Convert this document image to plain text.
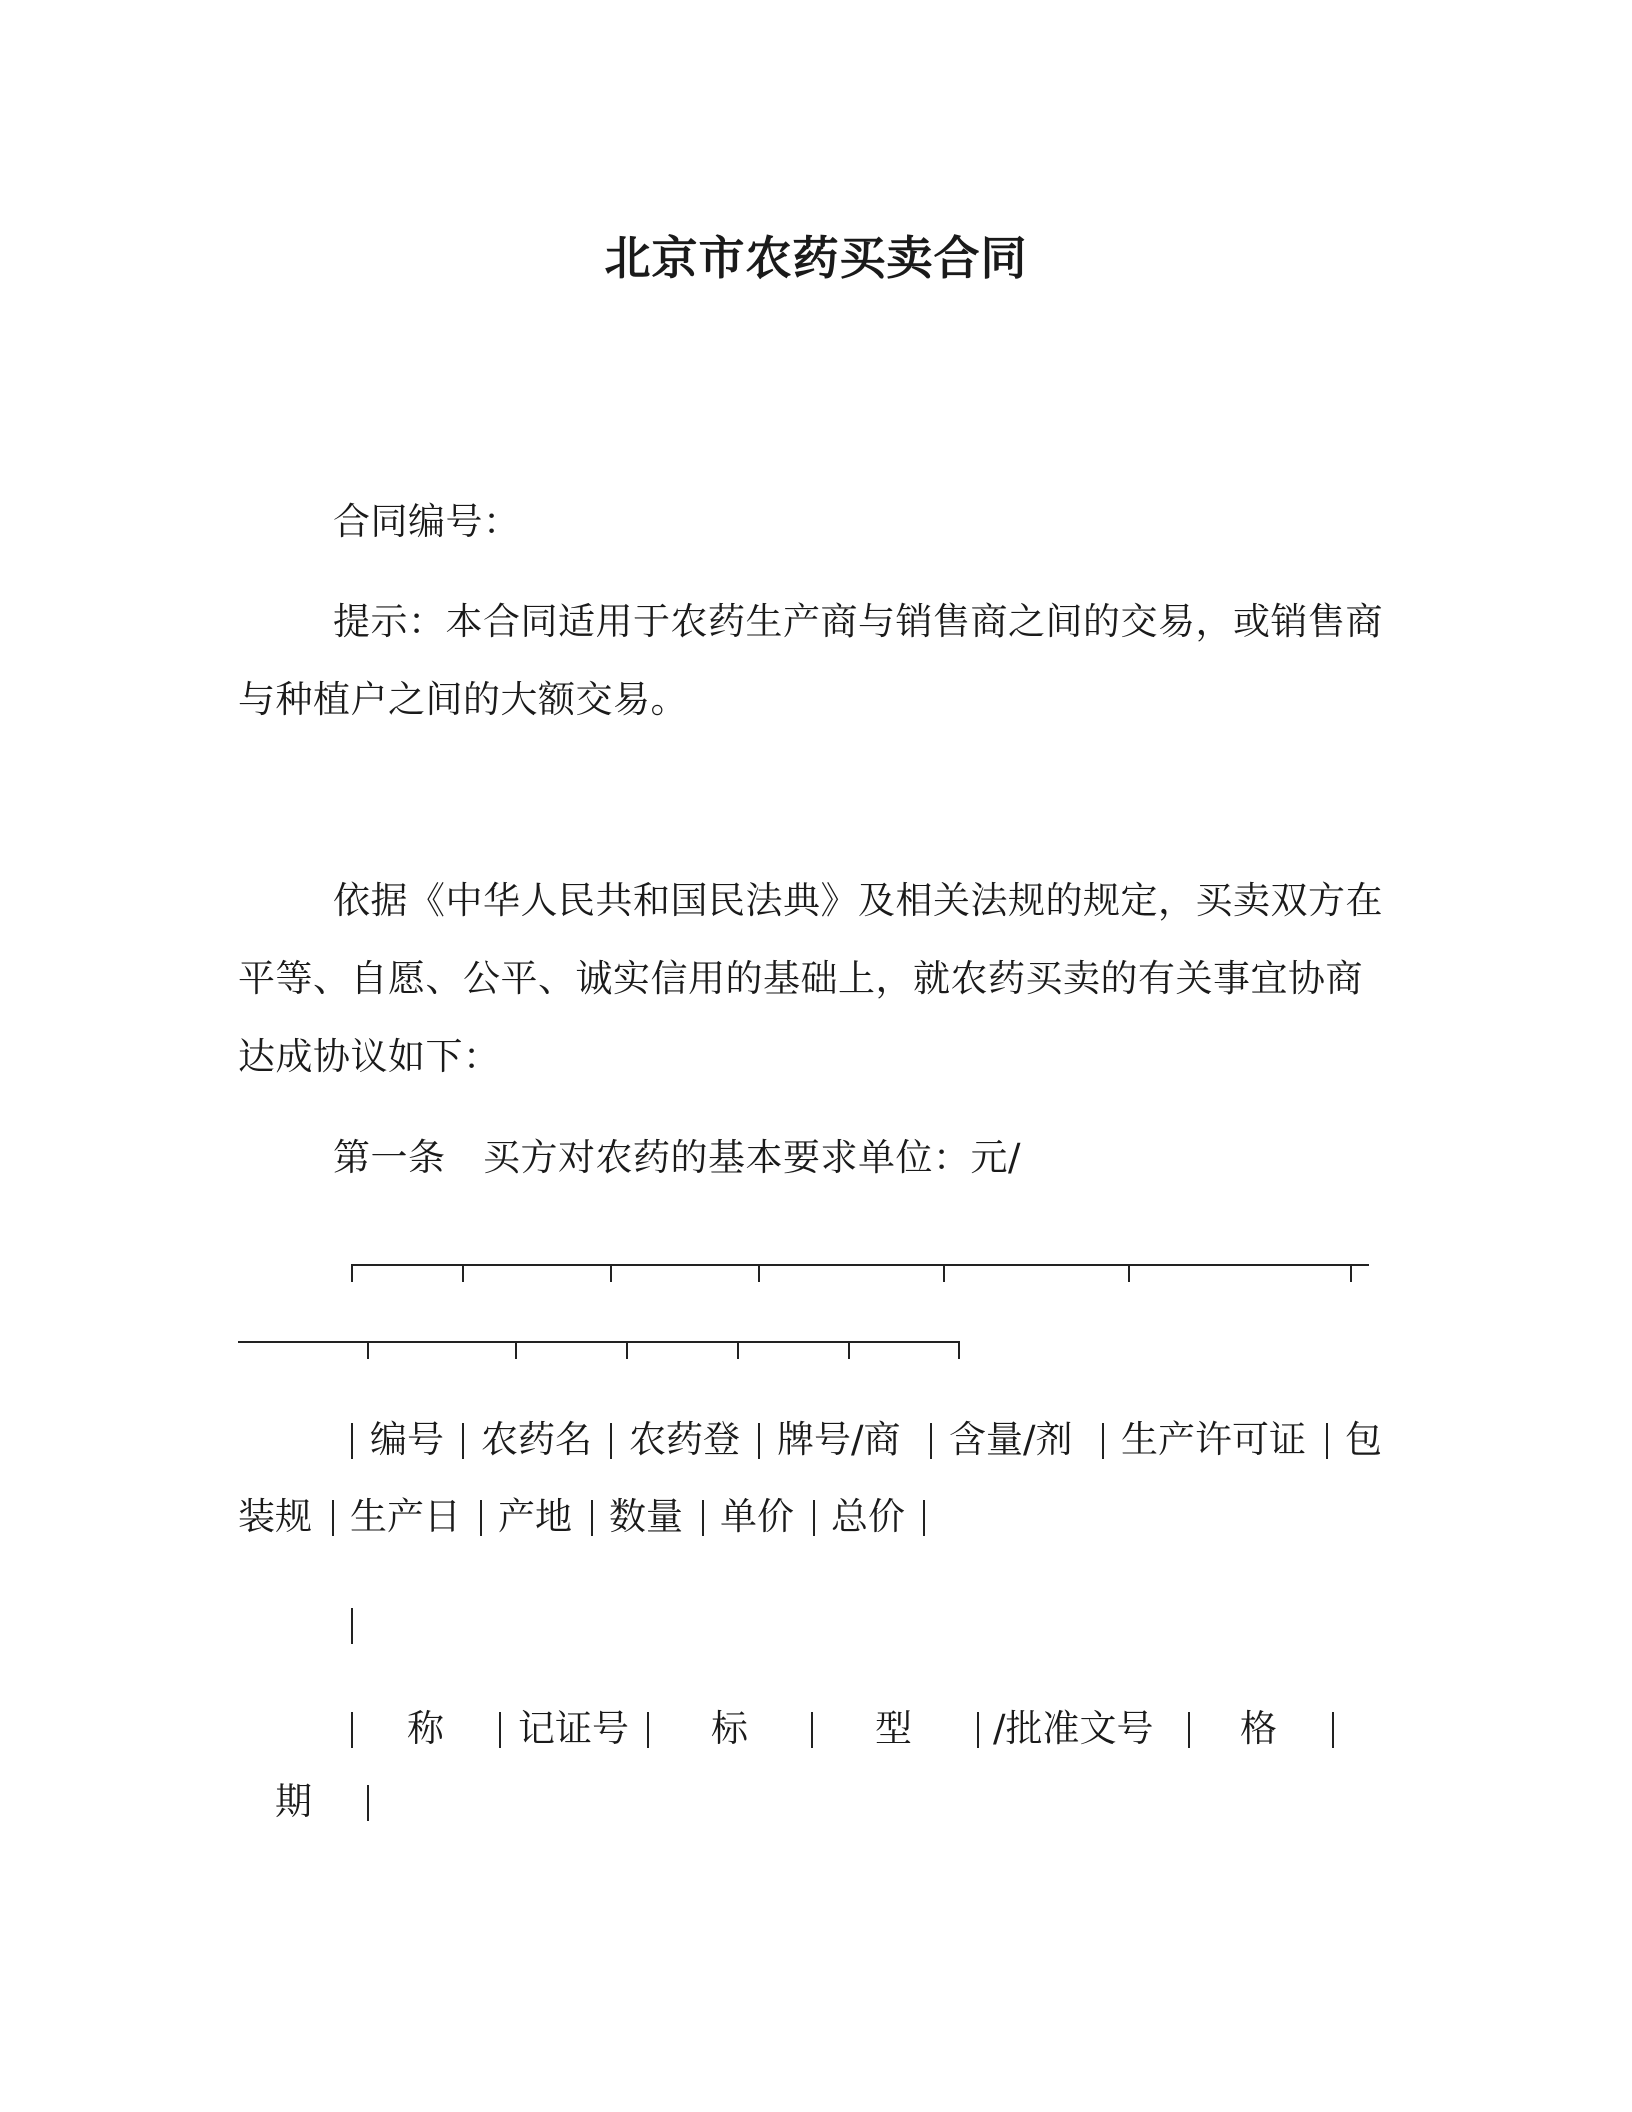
北京市农药买卖合同
合同编号：
提示：本合同适用于农药生产商与销售商之间的交易，或销售商
与种植户之间的大额交易。
依据《中华人民共和国民法典》及相关法规的规定，买卖双方在
平等、自愿、公平、诚实信用的基础上，就农药买卖的有关事宜协商
达成协议如下：
第一条　买方对农药的基本要求单位：元/
编号 农药名 农药登 牌号/商 含量/剂 生产许可证 包
装规 生产日 产地 数量 单价 总价
称 记证号 标	型 /批准文号 格
期
